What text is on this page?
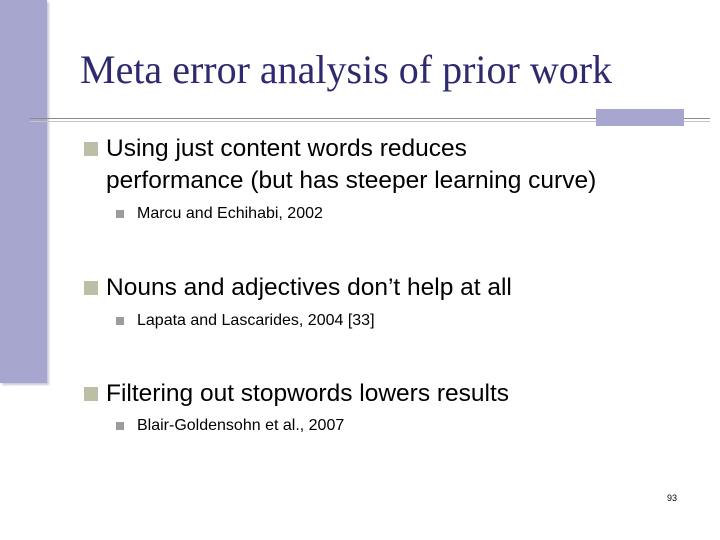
Meta error analysis of prior work
Using just content words reduces
performance (but has steeper learning curve)
Marcu and Echihabi, 2002
Nouns and adjectives don’t help at all
Lapata and Lascarides, 2004 [33]
Filtering out stopwords lowers results
Blair-Goldensohn et al., 2007
93
